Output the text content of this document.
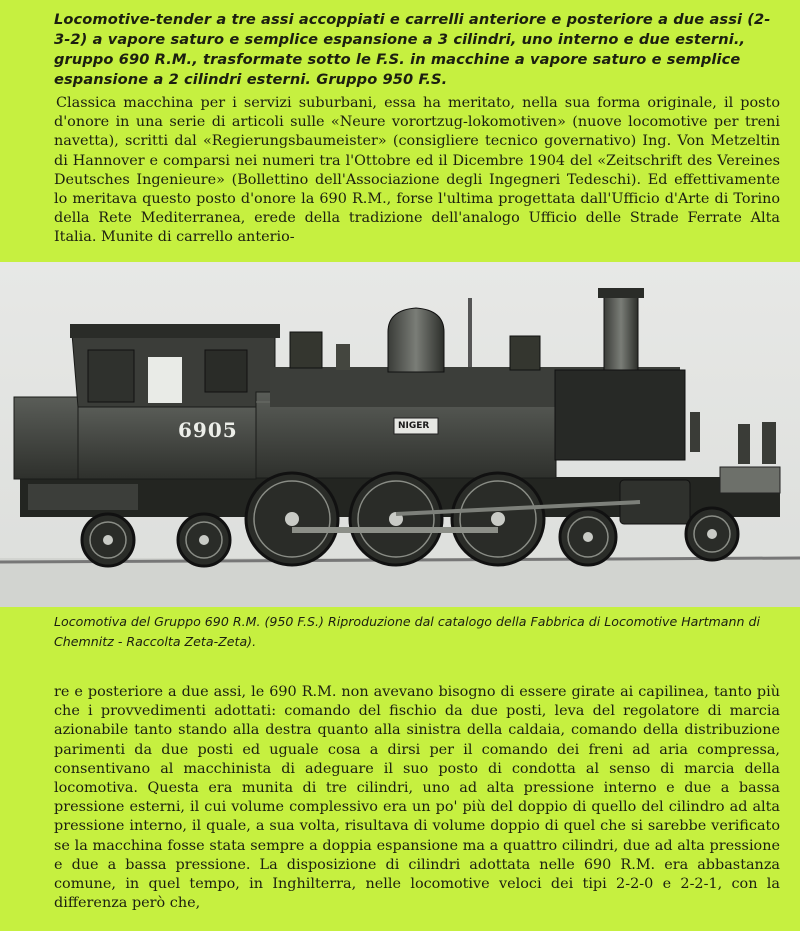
Locomotive-tender a tre assi accoppiati e carrelli anteriore e posteriore a due assi (2-3-2) a vapore saturo e semplice espansione a 3 cilindri, uno interno e due esterni., gruppo 690 R.M., trasformate sotto le F.S. in macchine a vapore saturo e semplice espansione a 2 cilindri esterni. Gruppo 950 F.S.

Classica macchina per i servizi suburbani, essa ha meritato, nella sua forma originale, il posto d'onore in una serie di articoli sulle «Neure vorortzug-lokomotiven» (nuove locomotive per treni navetta), scritti dal «Regierungsbaumeister» (consigliere tecnico governativo) Ing. Von Metzeltin di Hannover e comparsi nei numeri tra l'Ottobre ed il Dicembre 1904 del «Zeitschrift des Vereines Deutsches Ingenieure» (Bollettino dell'Associazione degli Ingegneri Tedeschi). Ed effettivamente lo meritava questo posto d'onore la 690 R.M., forse l'ultima progettata dall'Ufficio d'Arte di Torino della Rete Mediterranea, erede della tradizione dell'analogo Ufficio delle Strade Ferrate Alta Italia. Munite di carrello anterio-

6905	NIGER

Locomotiva del Gruppo 690 R.M. (950 F.S.) Riproduzione dal catalogo della Fabbrica di Locomotive Hartmann di Chemnitz - Raccolta Zeta-Zeta).

re e posteriore a due assi, le 690 R.M. non avevano bisogno di essere girate ai capilinea, tanto più che i provvedimenti adottati: comando del fischio da due posti, leva del regolatore di marcia azionabile tanto stando alla destra quanto alla sinistra della caldaia, comando della distribuzione parimenti da due posti ed uguale cosa a dirsi per il comando dei freni ad aria compressa, consentivano al macchinista di adeguare il suo posto di condotta al senso di marcia della locomotiva. Questa era munita di tre cilindri, uno ad alta pressione interno e due a bassa pressione esterni, il cui volume complessivo era un po' più del doppio di quello del cilindro ad alta pressione interno, il quale, a sua volta, risultava di volume doppio di quel che si sarebbe verificato se la macchina fosse stata sempre a doppia espansione ma a quattro cilindri, due ad alta pressione e due a bassa pressione. La disposizione di cilindri adottata nelle 690 R.M. era abbastanza comune, in quel tempo, in Inghilterra, nelle locomotive veloci dei tipi 2-2-0 e 2-2-1, con la differenza però che,
